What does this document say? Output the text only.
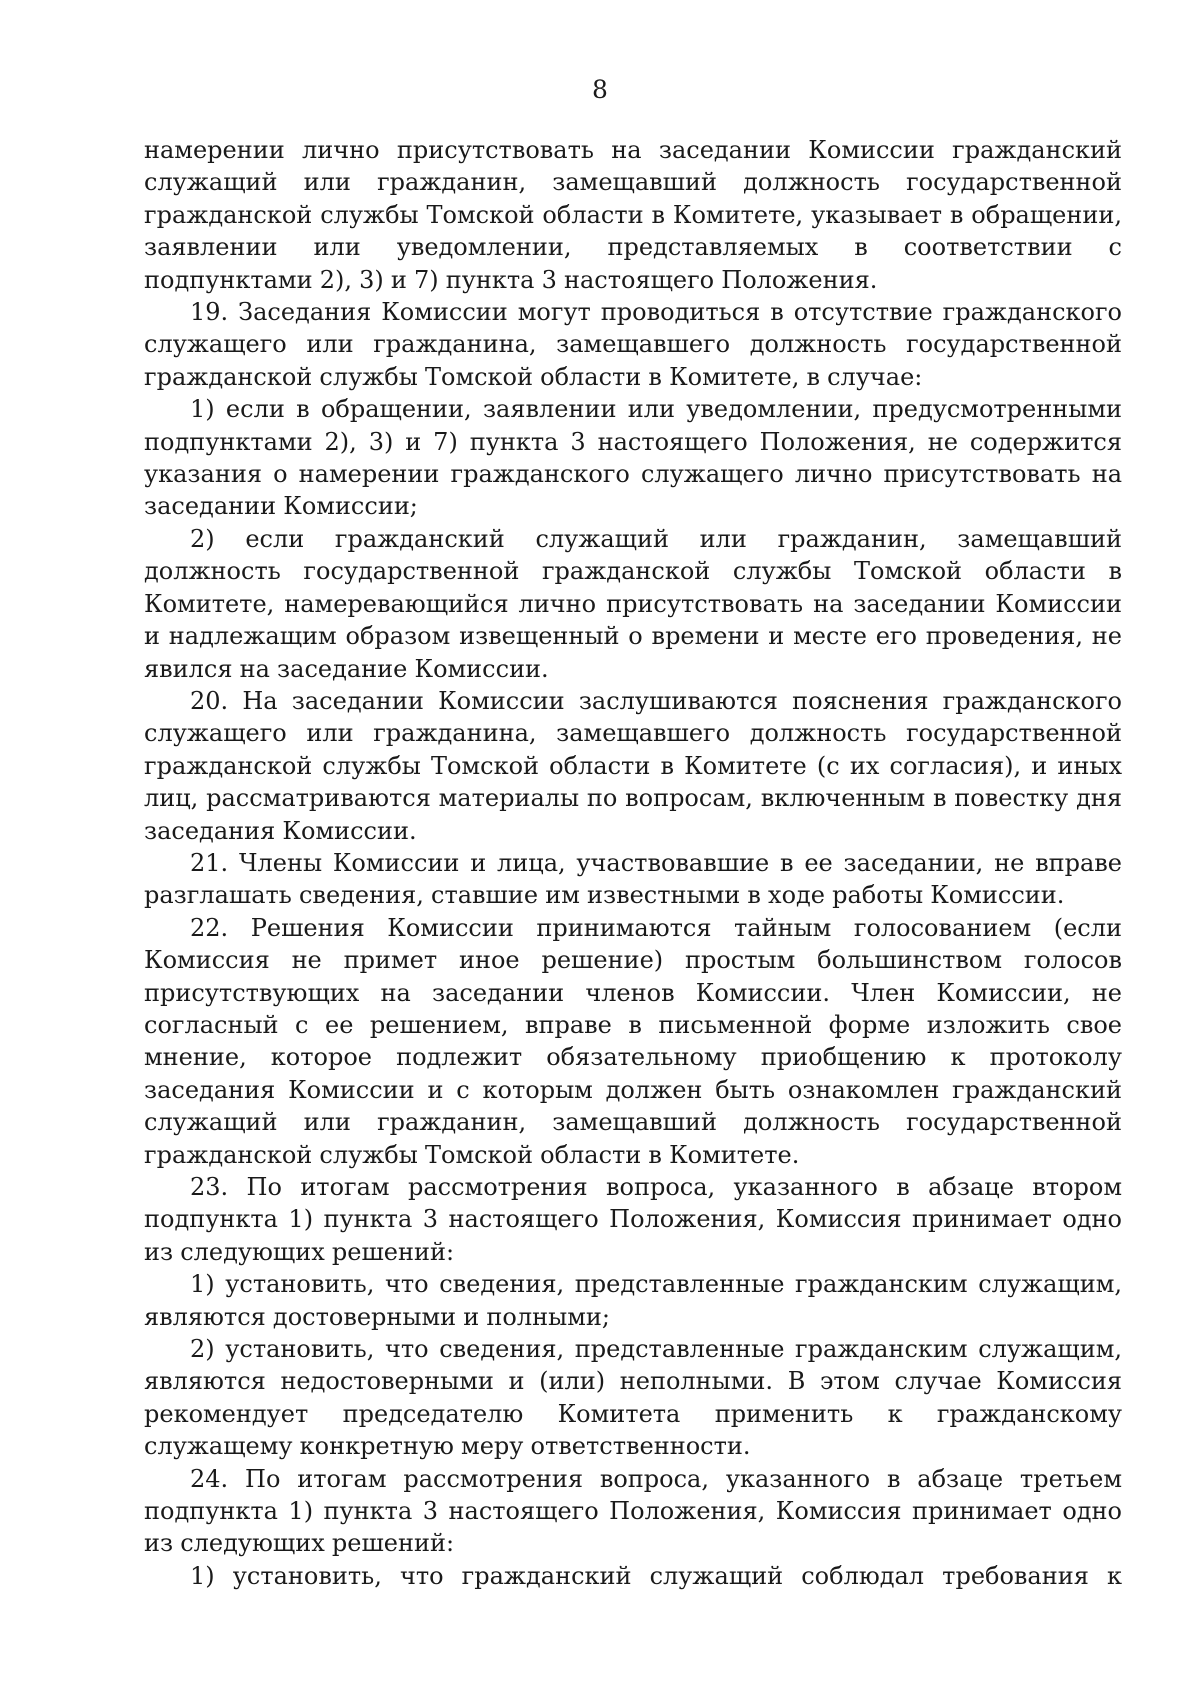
8

намерении лично присутствовать на заседании Комиссии гражданский служащий или гражданин, замещавший должность государственной гражданской службы Томской области в Комитете, указывает в обращении, заявлении или уведомлении, представляемых в соответствии с подпунктами 2), 3) и 7) пункта 3 настоящего Положения.

19. Заседания Комиссии могут проводиться в отсутствие гражданского служащего или гражданина, замещавшего должность государственной гражданской службы Томской области в Комитете, в случае:

1) если в обращении, заявлении или уведомлении, предусмотренными подпунктами 2), 3) и 7) пункта 3 настоящего Положения, не содержится указания о намерении гражданского служащего лично присутствовать на заседании Комиссии;

2) если гражданский служащий или гражданин, замещавший должность государственной гражданской службы Томской области в Комитете, намеревающийся лично присутствовать на заседании Комиссии и надлежащим образом извещенный о времени и месте его проведения, не явился на заседание Комиссии.

20. На заседании Комиссии заслушиваются пояснения гражданского служащего или гражданина, замещавшего должность государственной гражданской службы Томской области в Комитете (с их согласия), и иных лиц, рассматриваются материалы по вопросам, включенным в повестку дня заседания Комиссии.

21. Члены Комиссии и лица, участвовавшие в ее заседании, не вправе разглашать сведения, ставшие им известными в ходе работы Комиссии.

22. Решения Комиссии принимаются тайным голосованием (если Комиссия не примет иное решение) простым большинством голосов присутствующих на заседании членов Комиссии. Член Комиссии, не согласный с ее решением, вправе в письменной форме изложить свое мнение, которое подлежит обязательному приобщению к протоколу заседания Комиссии и с которым должен быть ознакомлен гражданский служащий или гражданин, замещавший должность государственной гражданской службы Томской области в Комитете.

23. По итогам рассмотрения вопроса, указанного в абзаце втором подпункта 1) пункта 3 настоящего Положения, Комиссия принимает одно из следующих решений:

1) установить, что сведения, представленные гражданским служащим, являются достоверными и полными;

2) установить, что сведения, представленные гражданским служащим, являются недостоверными и (или) неполными. В этом случае Комиссия рекомендует председателю Комитета применить к гражданскому служащему конкретную меру ответственности.

24. По итогам рассмотрения вопроса, указанного в абзаце третьем подпункта 1) пункта 3 настоящего Положения, Комиссия принимает одно из следующих решений:

1) установить, что гражданский служащий соблюдал требования к
